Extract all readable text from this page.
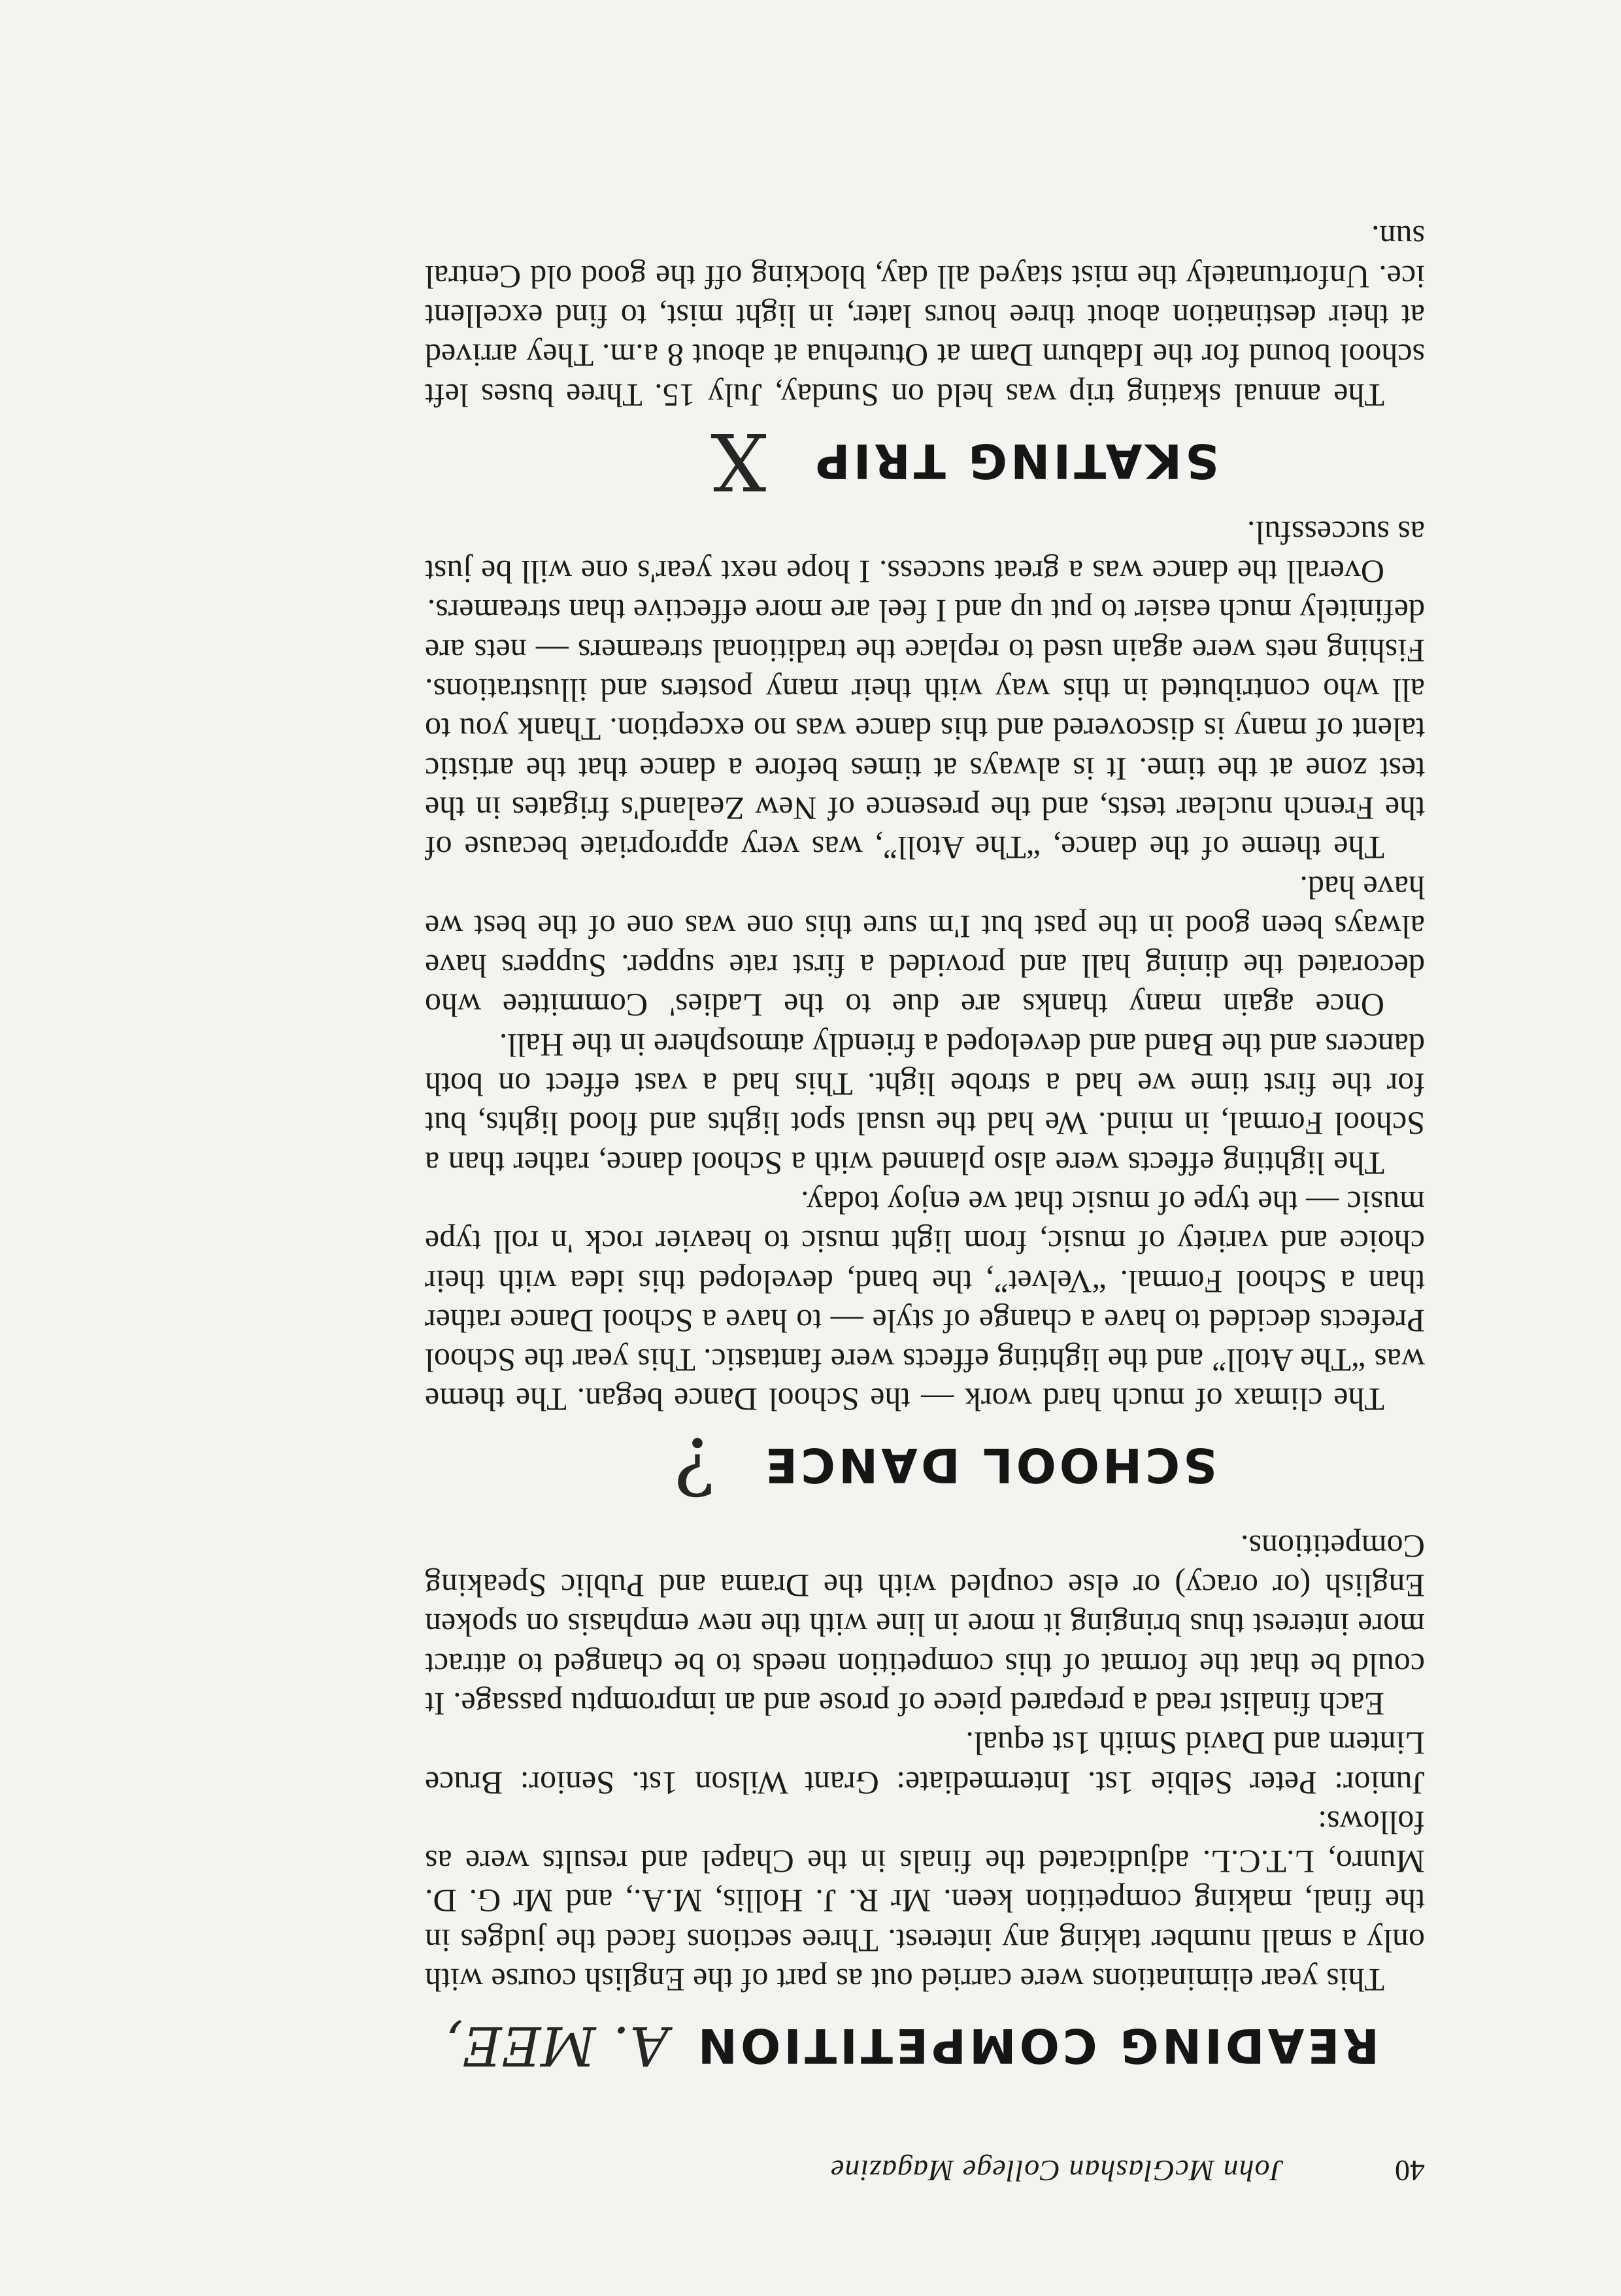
40
John McGlashan College Magazine
READING COMPETITION
A. MEE,

This year eliminations were carried out as part of the English course with only a small number taking any interest. Three sections faced the judges in the final, making competition keen. Mr R. J. Hollis, M.A., and Mr G. D. Munro, L.T.C.L. adjudicated the finals in the Chapel and results were as follows:

Junior: Peter Selbie 1st. Intermediate: Grant Wilson 1st. Senior: Bruce Lintern and David Smith 1st equal.

Each finalist read a prepared piece of prose and an impromptu passage. It could be that the format of this competition needs to be changed to attract more interest thus bringing it more in line with the new emphasis on spoken English (or oracy) or else coupled with the Drama and Public Speaking Competitions.

SCHOOL DANCE
?

The climax of much hard work — the School Dance began. The theme was “The Atoll” and the lighting effects were fantastic. This year the School Prefects decided to have a change of style — to have a School Dance rather than a School Formal. “Velvet”, the band, developed this idea with their choice and variety of music, from light music to heavier rock 'n roll type music — the type of music that we enjoy today.

The lighting effects were also planned with a School dance, rather than a School Formal, in mind. We had the usual spot lights and flood lights, but for the first time we had a strobe light. This had a vast effect on both dancers and the Band and developed a friendly atmosphere in the Hall.

Once again many thanks are due to the Ladies' Committee who decorated the dining hall and provided a first rate supper. Suppers have always been good in the past but I'm sure this one was one of the best we have had.

The theme of the dance, “The Atoll”, was very appropriate because of the French nuclear tests, and the presence of New Zealand's frigates in the test zone at the time. It is always at times before a dance that the artistic talent of many is discovered and this dance was no exception. Thank you to all who contributed in this way with their many posters and illustrations. Fishing nets were again used to replace the traditional streamers — nets are definitely much easier to put up and I feel are more effective than streamers.

Overall the dance was a great success. I hope next year's one will be just as successful.

SKATING TRIP
X

The annual skating trip was held on Sunday, July 15. Three buses left school bound for the Idaburn Dam at Oturehua at about 8 a.m. They arrived at their destination about three hours later, in light mist, to find excellent ice. Unfortunately the mist stayed all day, blocking off the good old Central sun.
